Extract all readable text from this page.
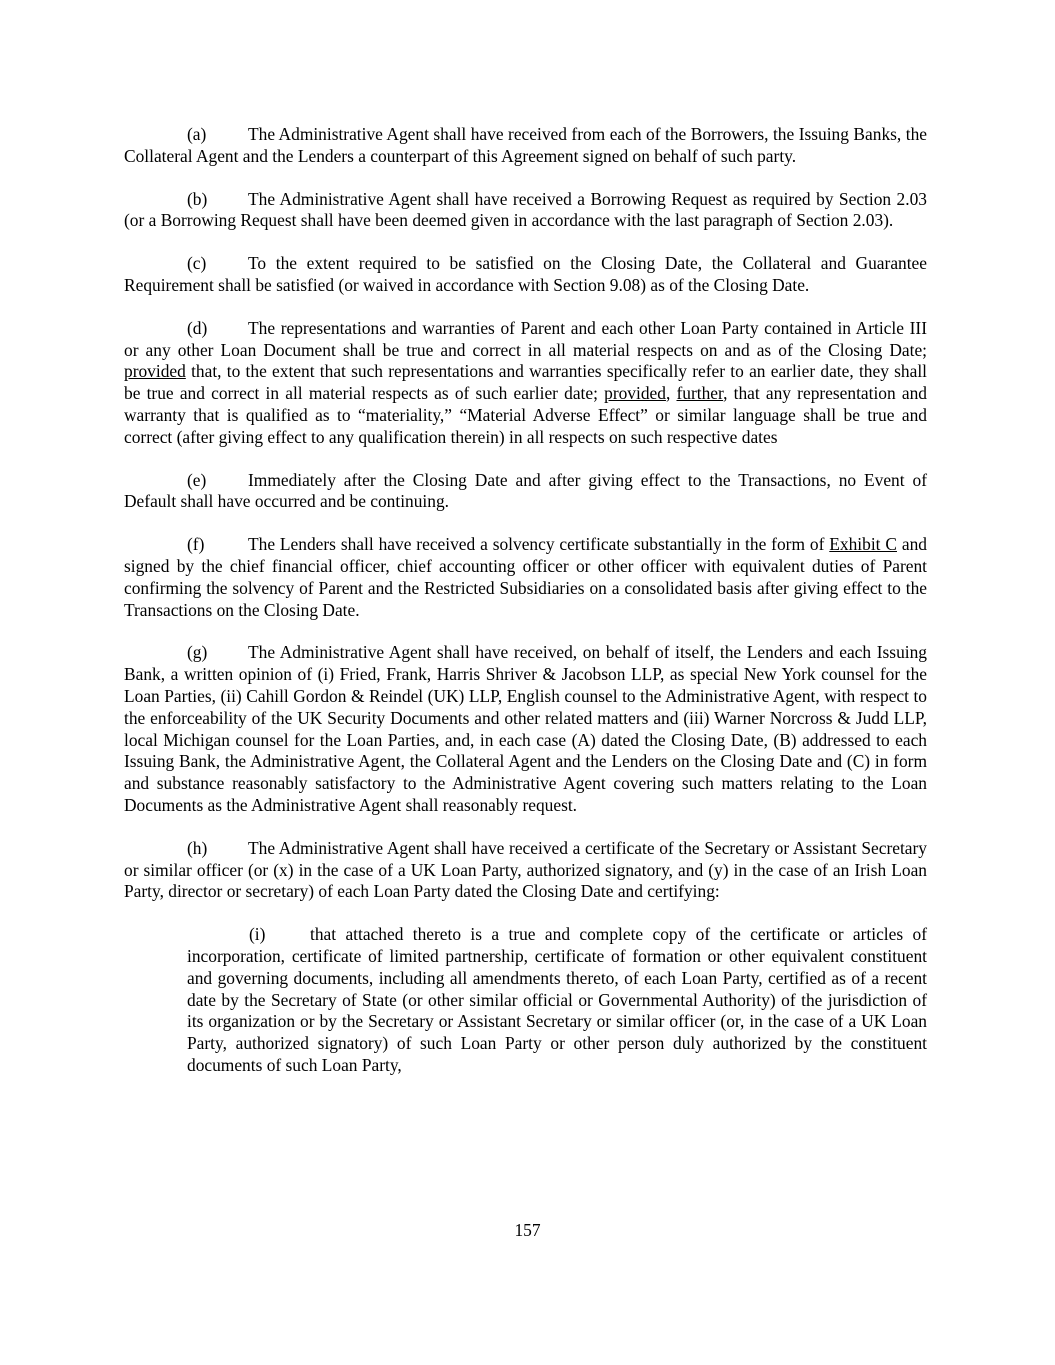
(a) The Administrative Agent shall have received from each of the Borrowers, the Issuing Banks, the Collateral Agent and the Lenders a counterpart of this Agreement signed on behalf of such party.

(b) The Administrative Agent shall have received a Borrowing Request as required by Section 2.03 (or a Borrowing Request shall have been deemed given in accordance with the last paragraph of Section 2.03).

(c) To the extent required to be satisfied on the Closing Date, the Collateral and Guarantee Requirement shall be satisfied (or waived in accordance with Section 9.08) as of the Closing Date.

(d) The representations and warranties of Parent and each other Loan Party contained in Article III or any other Loan Document shall be true and correct in all material respects on and as of the Closing Date; provided that, to the extent that such representations and warranties specifically refer to an earlier date, they shall be true and correct in all material respects as of such earlier date; provided, further, that any representation and warranty that is qualified as to “materiality,” “Material Adverse Effect” or similar language shall be true and correct (after giving effect to any qualification therein) in all respects on such respective dates

(e) Immediately after the Closing Date and after giving effect to the Transactions, no Event of Default shall have occurred and be continuing.

(f)	The Lenders shall have received a solvency certificate substantially in the form of Exhibit C and signed by the chief financial officer, chief accounting officer or other officer with equivalent duties of Parent confirming the solvency of Parent and the Restricted Subsidiaries on a consolidated basis after giving effect to the Transactions on the Closing Date.

(g) The Administrative Agent shall have received, on behalf of itself, the Lenders and each Issuing Bank, a written opinion of (i) Fried, Frank, Harris Shriver & Jacobson LLP, as special New York counsel for the Loan Parties, (ii) Cahill Gordon & Reindel (UK) LLP, English counsel to the Administrative Agent, with respect to the enforceability of the UK Security Documents and other related matters and (iii) Warner Norcross & Judd LLP, local Michigan counsel for the Loan Parties, and, in each case (A) dated the Closing Date, (B) addressed to each Issuing Bank, the Administrative Agent, the Collateral Agent and the Lenders on the Closing Date and (C) in form and substance reasonably satisfactory to the Administrative Agent covering such matters relating to the Loan Documents as the Administrative Agent shall reasonably request.

(h) The Administrative Agent shall have received a certificate of the Secretary or Assistant Secretary or similar officer (or (x) in the case of a UK Loan Party, authorized signatory, and (y) in the case of an Irish Loan Party, director or secretary) of each Loan Party dated the Closing Date and certifying:

(i)	that attached thereto is a true and complete copy of the certificate or articles of incorporation, certificate of limited partnership, certificate of formation or other equivalent constituent and governing documents, including all amendments thereto, of each Loan Party, certified as of a recent date by the Secretary of State (or other similar official or Governmental Authority) of the jurisdiction of its organization or by the Secretary or Assistant Secretary or similar officer (or, in the case of a UK Loan Party, authorized signatory) of such Loan Party or other person duly authorized by the constituent documents of such Loan Party,

157
